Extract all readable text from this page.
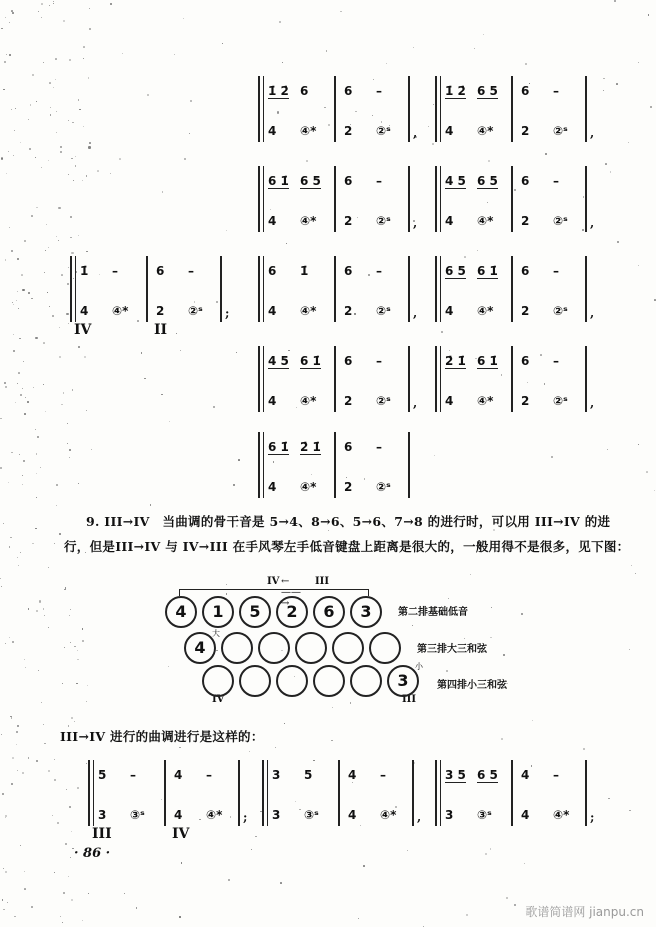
1̇ 2̇ 6	6 –
4 ④* 2 ②ˢ ,
1̇ 2̇ 6 5 6 –
4 ④* 2 ②ˢ ,
6 1̇ 6 5 6 –
4 ④* 2 ②ˢ ,
4 5 6 5 6 –
4 ④* 2 ②ˢ ,
1̇ –	6 –
4 ④* 2 ②ˢ ;
IV	II
6 1̇	6 –
4 ④* 2 ②ˢ ,
6 5 6 1̇ 6 –
4 ④* 2 ②ˢ ,
4 5 6 1̇ 6 –
4 ④* 2 ②ˢ ,
2̇ 1̇ 6 1̇ 6 –
4 ④* 2 ②ˢ ,
6 1̇ 2̇ 1̇ 6 –
4 ④* 2 ②ˢ
9. III→IV　当曲调的骨干音是 5→4、8→6、5→6、7→8 的进行时，可以用 III→IV 的进
行，但是III→IV 与 IV→III 在手风琴左手低音键盘上距离是很大的，一般用得不是很多，见下图：
IV ←——→
III
第二排基础低音
第三排大三和弦
第四排小三和弦
IV	III
4	1	5	2	6	3
4
大
3
小
III→IV 进行的曲调进行是这样的：
5 –	4 –
3 ③ˢ 4 ④* ;
III	IV
3 5	4 –
3 ③ˢ 4 ④* ,
3 5 6 5 4 –
3 ③ˢ 4 ④* ;
· 86 ·
歌谱简谱网 jianpu.cn
